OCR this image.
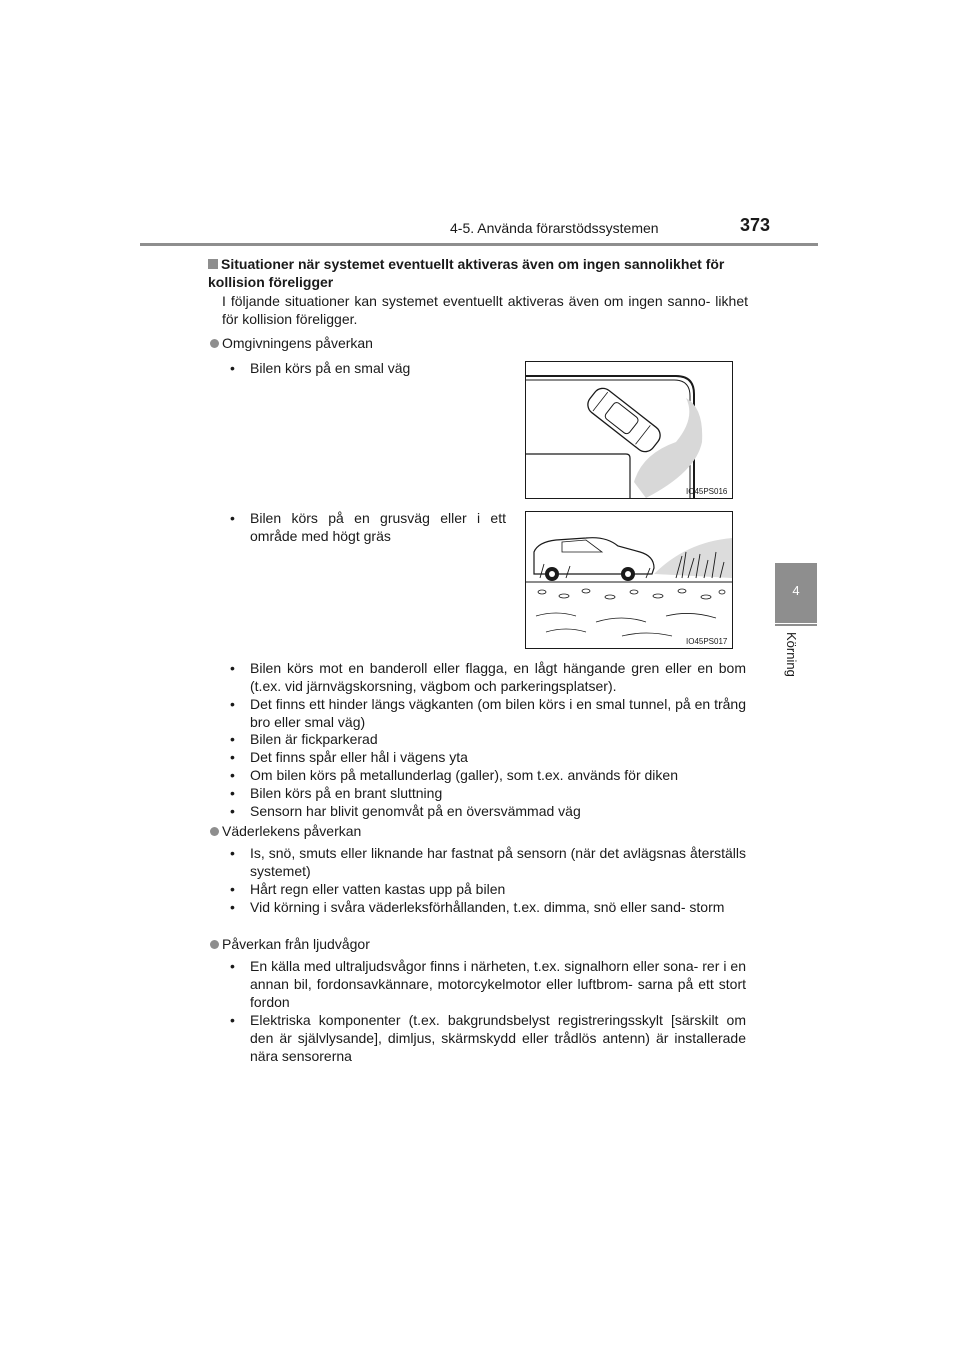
4-5. Använda förarstödssystemen	373
4
Körning
Situationer när systemet eventuellt aktiveras även om ingen sannolikhet för kollision föreligger
I följande situationer kan systemet eventuellt aktiveras även om ingen sanno- likhet för kollision föreligger.
Omgivningens påverkan
•	Bilen körs på en smal väg
IO45PS016
•	Bilen körs på en grusväg eller i ett område med högt gräs
IO45PS017
•	Bilen körs mot en banderoll eller flagga, en lågt hängande gren eller en bom (t.ex. vid järnvägskorsning, vägbom och parkeringsplatser).
•	Det finns ett hinder längs vägkanten (om bilen körs i en smal tunnel, på en trång bro eller smal väg)
•	Bilen är fickparkerad
•	Det finns spår eller hål i vägens yta
•	Om bilen körs på metallunderlag (galler), som t.ex. används för diken
•	Bilen körs på en brant sluttning
•	Sensorn har blivit genomvåt på en översvämmad väg
Väderlekens påverkan
•	Is, snö, smuts eller liknande har fastnat på sensorn (när det avlägsnas återställs systemet)
•	Hårt regn eller vatten kastas upp på bilen
•	Vid körning i svåra väderleksförhållanden, t.ex. dimma, snö eller sand- storm
Påverkan från ljudvågor
•	En källa med ultraljudsvågor finns i närheten, t.ex. signalhorn eller sona- rer i en annan bil, fordonsavkännare, motorcykelmotor eller luftbrom- sarna på ett stort fordon
•	Elektriska komponenter (t.ex. bakgrundsbelyst registreringsskylt [särskilt om den är självlysande], dimljus, skärmskydd eller trådlös antenn) är installerade nära sensorerna
